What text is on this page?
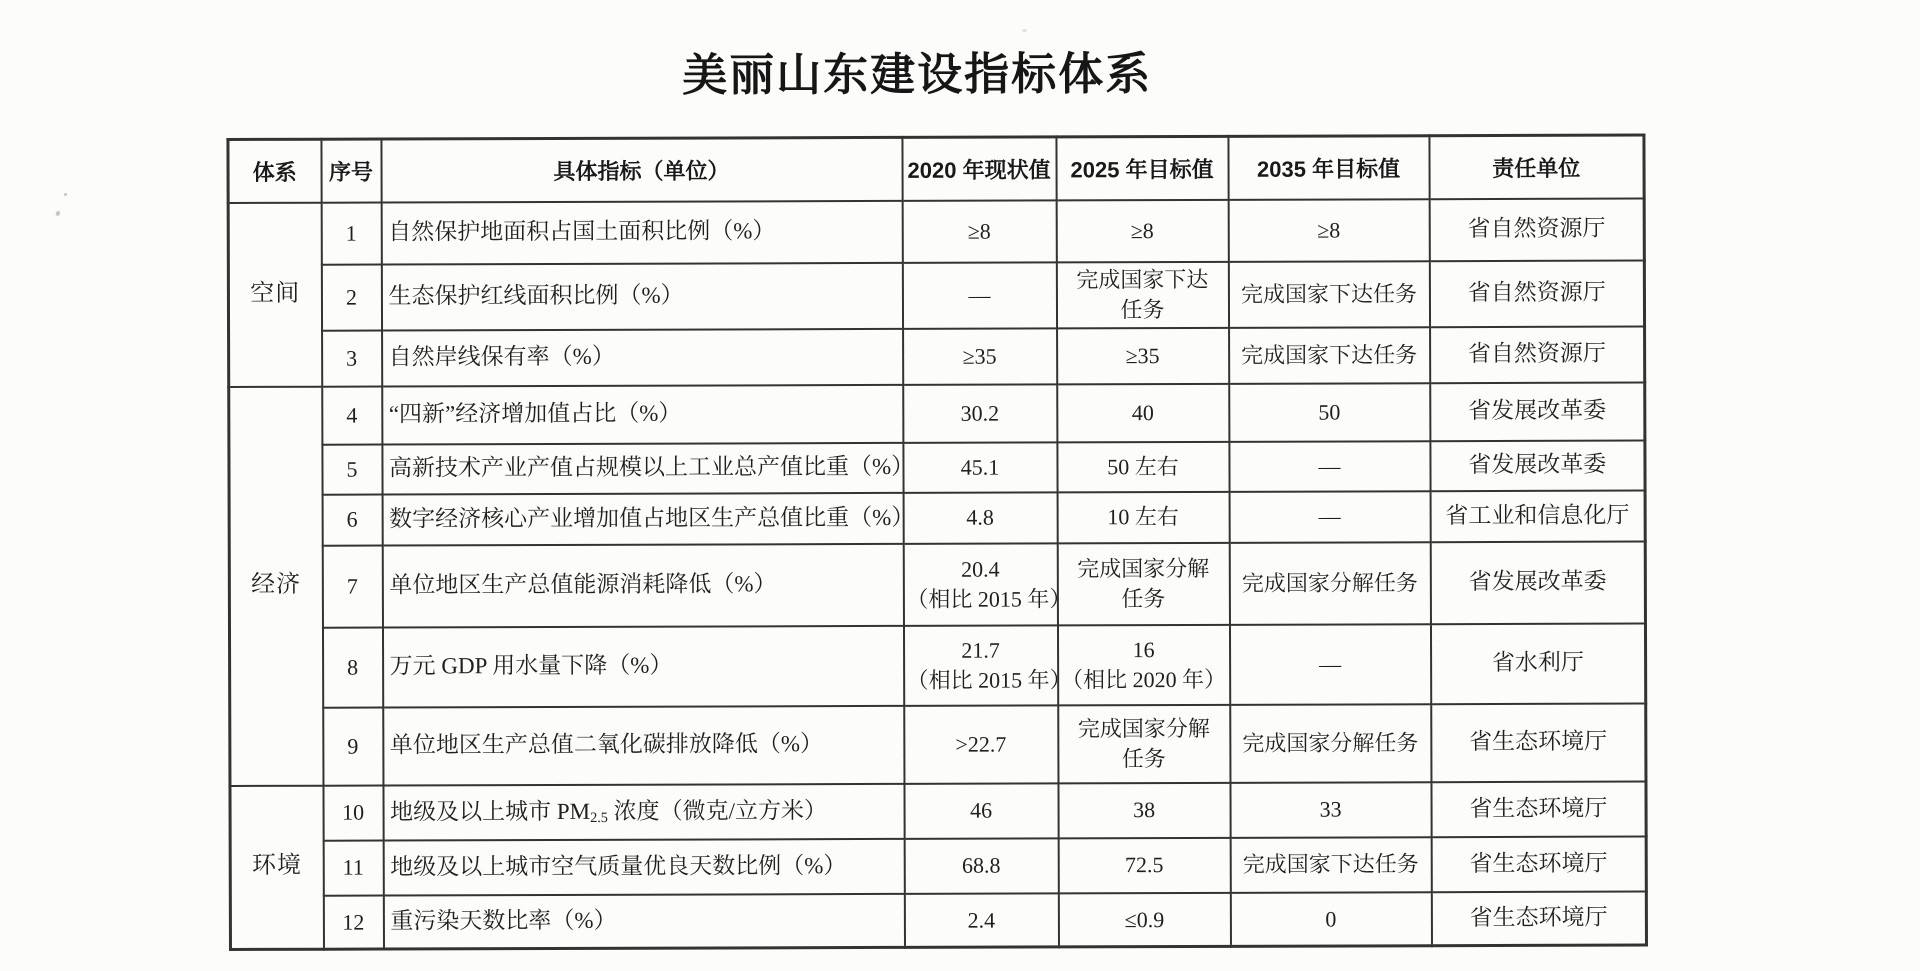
美丽山东建设指标体系
体系	序号	具体指标（单位）	2020 年现状值	2025 年目标值	2035 年目标值	责任单位
空间	1	自然保护地面积占国土面积比例（%）	≥8	≥8	≥8	省自然资源厅
	2	生态保护红线面积比例（%）	—	完成国家下达
任务	完成国家下达任务	省自然资源厅
	3	自然岸线保有率（%）	≥35	≥35	完成国家下达任务	省自然资源厅
经济	4	“四新”经济增加值占比（%）	30.2	40	50	省发展改革委
	5	高新技术产业产值占规模以上工业总产值比重（%）	45.1	50 左右	—	省发展改革委
	6	数字经济核心产业增加值占地区生产总值比重（%）	4.8	10 左右	—	省工业和信息化厅
	7	单位地区生产总值能源消耗降低（%）	20.4
（相比 2015 年）	完成国家分解
任务	完成国家分解任务	省发展改革委
	8	万元 GDP 用水量下降（%）	21.7
（相比 2015 年）	16
（相比 2020 年）	—	省水利厅
	9	单位地区生产总值二氧化碳排放降低（%）	>22.7	完成国家分解
任务	完成国家分解任务	省生态环境厅
环境	10	地级及以上城市 $PM_{2.5}$ 浓度（微克/立方米）	46	38	33	省生态环境厅
	11	地级及以上城市空气质量优良天数比例（%）	68.8	72.5	完成国家下达任务	省生态环境厅
	12	重污染天数比率（%）	2.4	≤0.9	0	省生态环境厅
